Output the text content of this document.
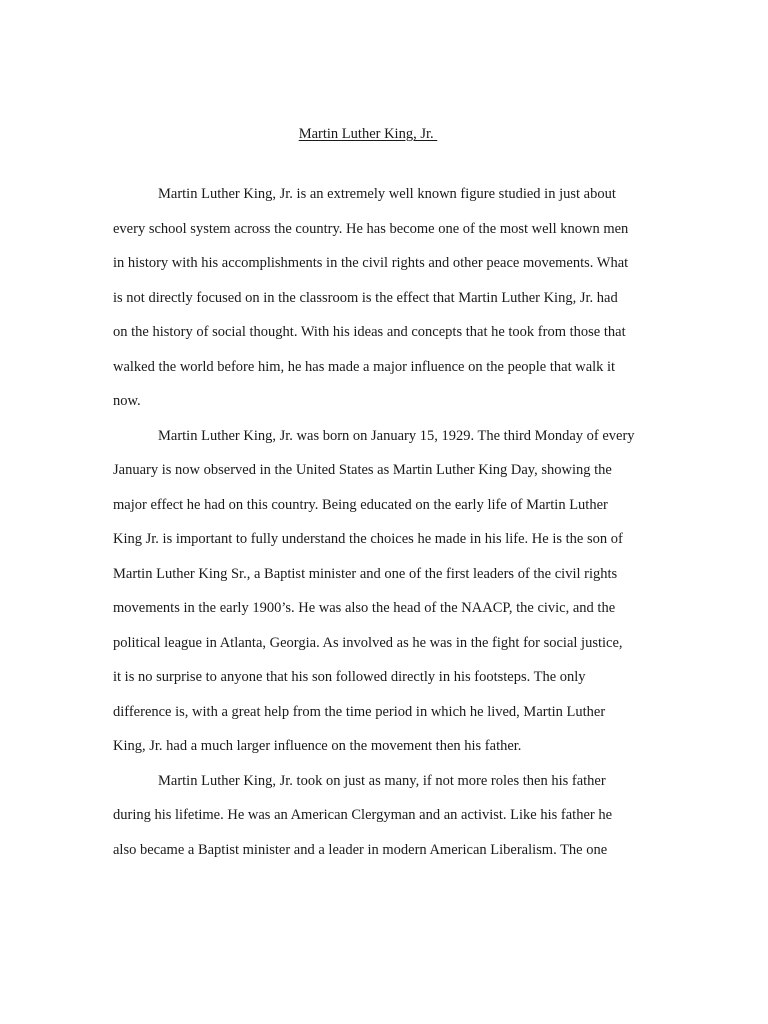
Martin Luther King, Jr.
Martin Luther King, Jr. is an extremely well known figure studied in just about
every school system across the country. He has become one of the most well known men
in history with his accomplishments in the civil rights and other peace movements. What
is not directly focused on in the classroom is the effect that Martin Luther King, Jr. had
on the history of social thought. With his ideas and concepts that he took from those that
walked the world before him, he has made a major influence on the people that walk it
now.
Martin Luther King, Jr. was born on January 15, 1929. The third Monday of every
January is now observed in the United States as Martin Luther King Day, showing the
major effect he had on this country. Being educated on the early life of Martin Luther
King Jr. is important to fully understand the choices he made in his life. He is the son of
Martin Luther King Sr., a Baptist minister and one of the first leaders of the civil rights
movements in the early 1900’s. He was also the head of the NAACP, the civic, and the
political league in Atlanta, Georgia. As involved as he was in the fight for social justice,
it is no surprise to anyone that his son followed directly in his footsteps. The only
difference is, with a great help from the time period in which he lived, Martin Luther
King, Jr. had a much larger influence on the movement then his father.
Martin Luther King, Jr. took on just as many, if not more roles then his father
during his lifetime. He was an American Clergyman and an activist. Like his father he
also became a Baptist minister and a leader in modern American Liberalism. The one
